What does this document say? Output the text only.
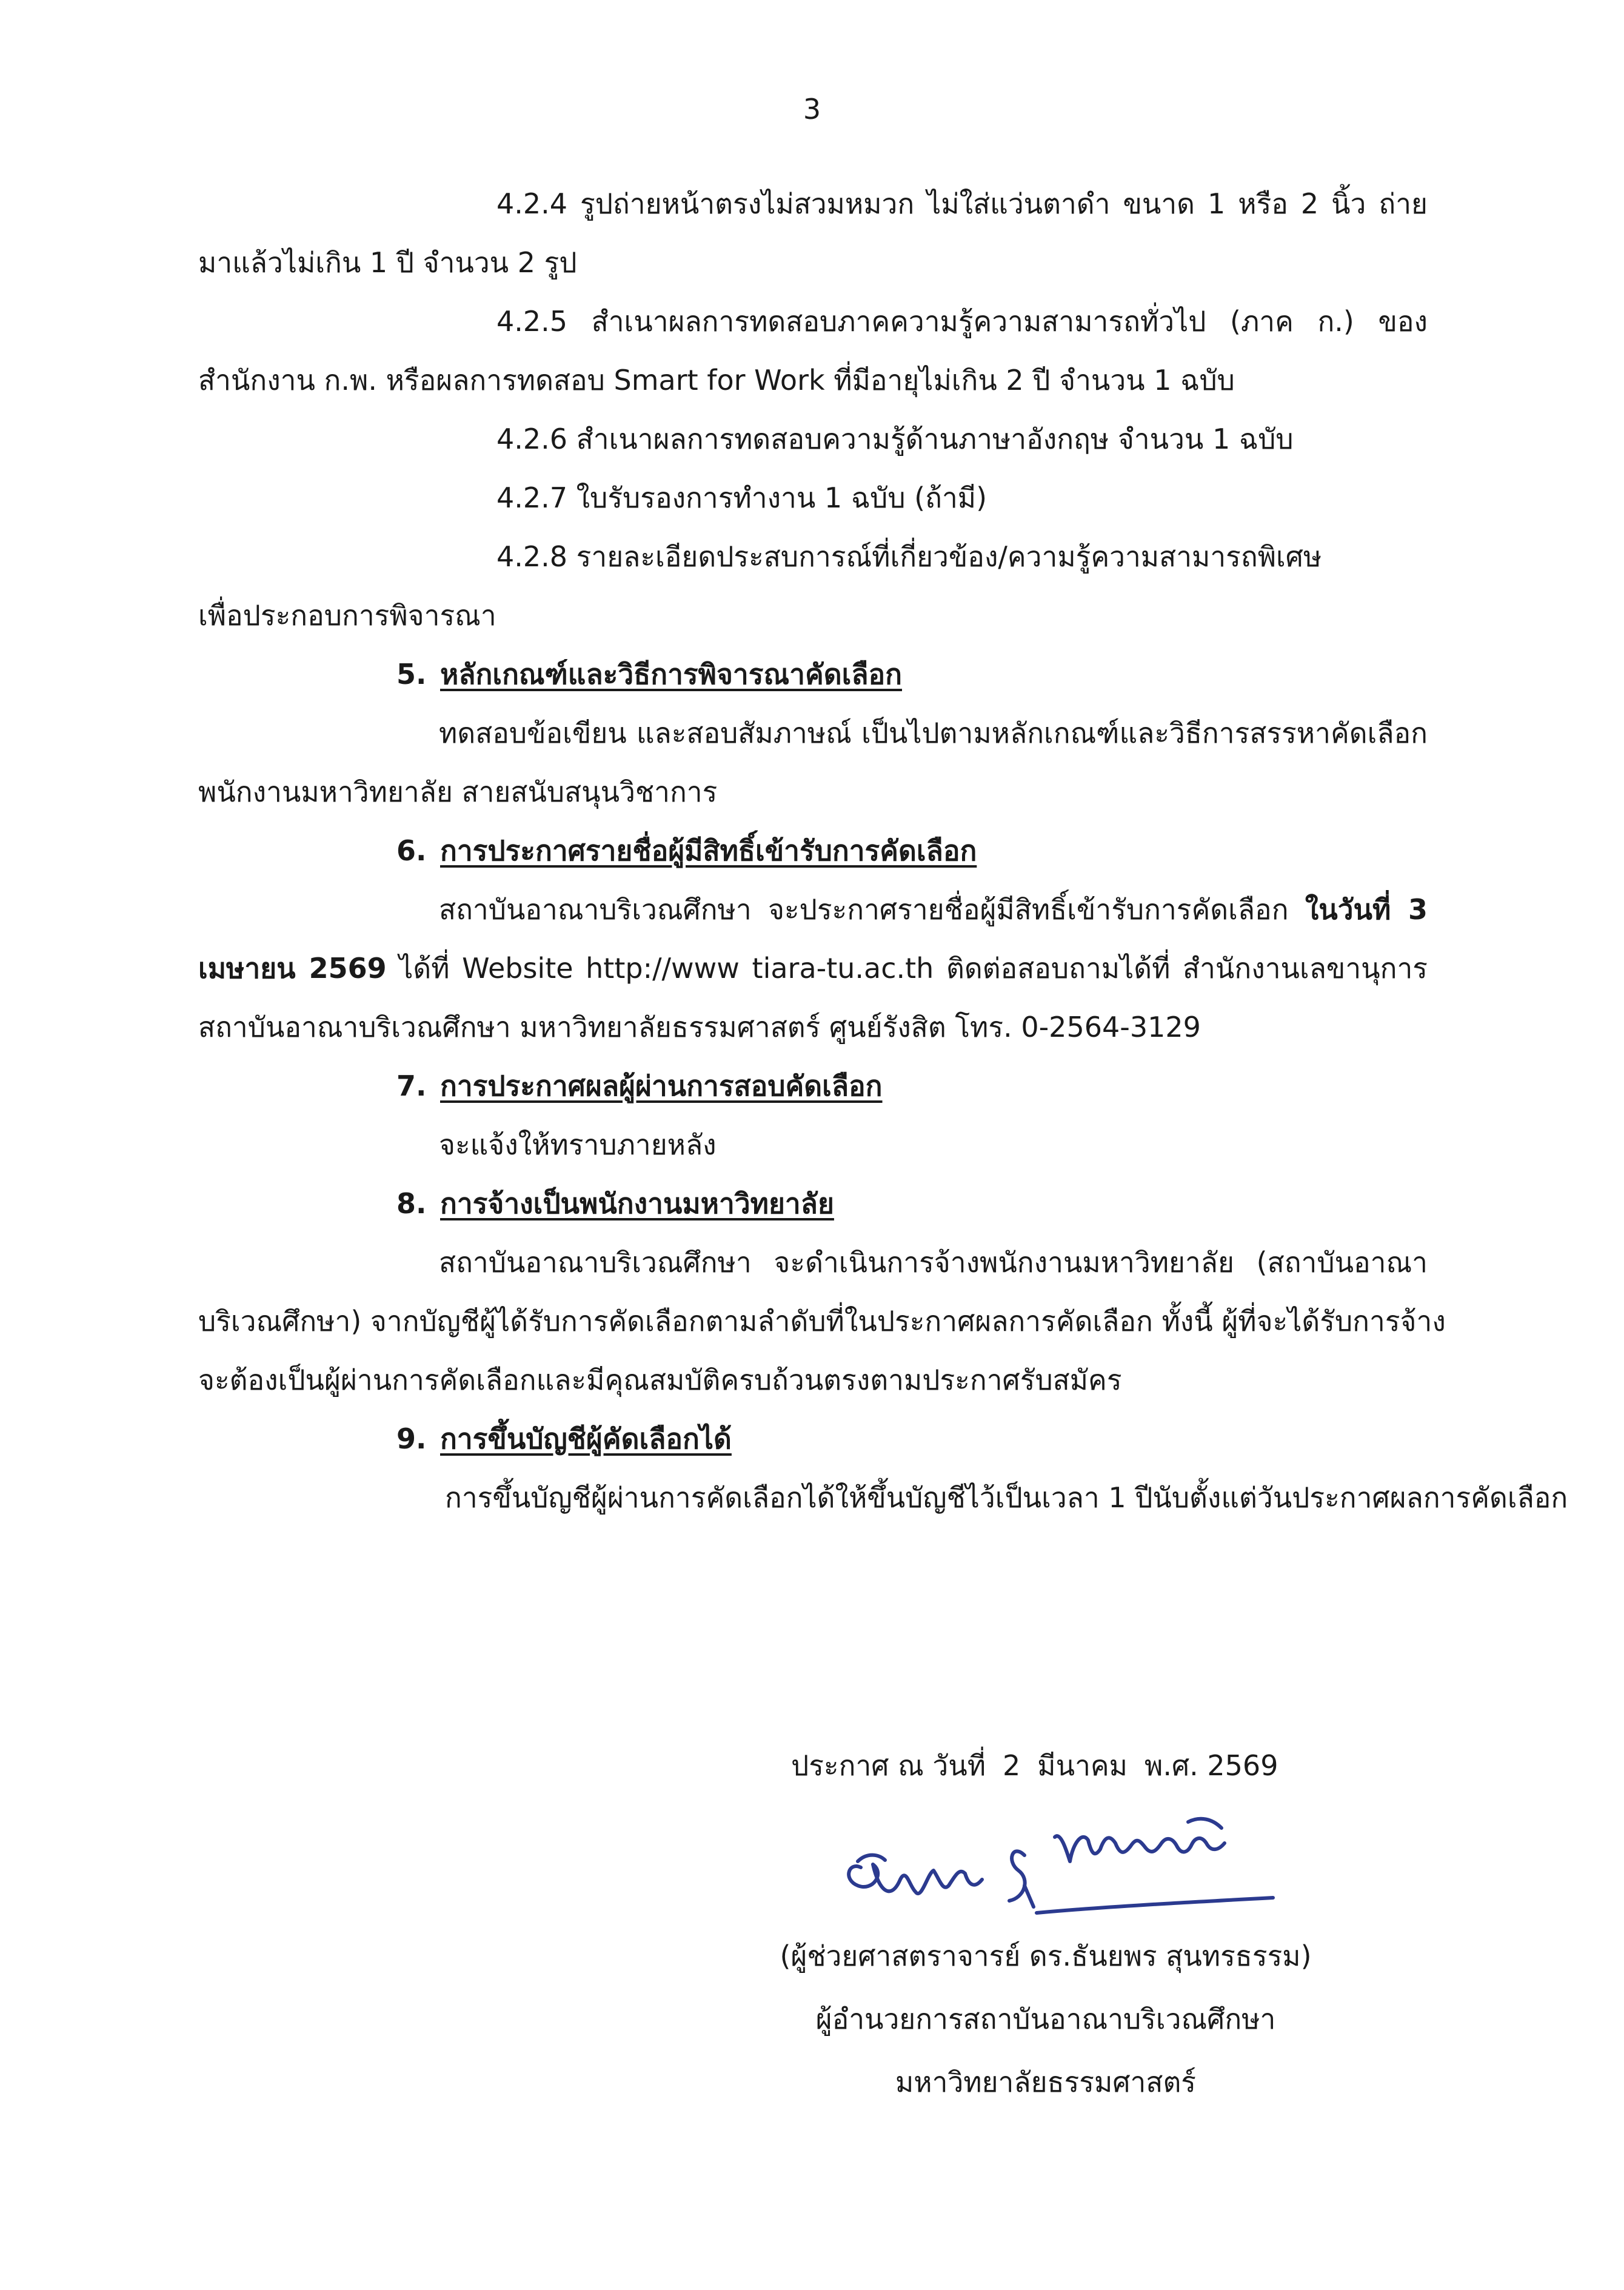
3
4.2.4 รูปถ่ายหน้าตรงไม่สวมหมวก ไม่ใส่แว่นตาดำ ขนาด 1 หรือ 2 นิ้ว ถ่าย
มาแล้วไม่เกิน 1 ปี จำนวน 2 รูป
4.2.5 สำเนาผลการทดสอบภาคความรู้ความสามารถทั่วไป (ภาค ก.) ของ
สำนักงาน ก.พ. หรือผลการทดสอบ Smart for Work ที่มีอายุไม่เกิน 2 ปี จำนวน 1 ฉบับ
4.2.6 สำเนาผลการทดสอบความรู้ด้านภาษาอังกฤษ จำนวน 1 ฉบับ
4.2.7 ใบรับรองการทำงาน 1 ฉบับ (ถ้ามี)
4.2.8 รายละเอียดประสบการณ์ที่เกี่ยวข้อง/ความรู้ความสามารถพิเศษ
เพื่อประกอบการพิจารณา
5. หลักเกณฑ์และวิธีการพิจารณาคัดเลือก
ทดสอบข้อเขียน และสอบสัมภาษณ์ เป็นไปตามหลักเกณฑ์และวิธีการสรรหาคัดเลือก
พนักงานมหาวิทยาลัย สายสนับสนุนวิชาการ
6. การประกาศรายชื่อผู้มีสิทธิ์เข้ารับการคัดเลือก
สถาบันอาณาบริเวณศึกษา จะประกาศรายชื่อผู้มีสิทธิ์เข้ารับการคัดเลือก ในวันที่ 3
เมษายน 2569 ได้ที่ Website http://www tiara-tu.ac.th ติดต่อสอบถามได้ที่ สำนักงานเลขานุการ
สถาบันอาณาบริเวณศึกษา มหาวิทยาลัยธรรมศาสตร์ ศูนย์รังสิต โทร. 0-2564-3129
7. การประกาศผลผู้ผ่านการสอบคัดเลือก
จะแจ้งให้ทราบภายหลัง
8. การจ้างเป็นพนักงานมหาวิทยาลัย
สถาบันอาณาบริเวณศึกษา จะดำเนินการจ้างพนักงานมหาวิทยาลัย (สถาบันอาณา
บริเวณศึกษา) จากบัญชีผู้ได้รับการคัดเลือกตามลำดับที่ในประกาศผลการคัดเลือก ทั้งนี้ ผู้ที่จะได้รับการจ้าง
จะต้องเป็นผู้ผ่านการคัดเลือกและมีคุณสมบัติครบถ้วนตรงตามประกาศรับสมัคร
9. การขึ้นบัญชีผู้คัดเลือกได้
การขึ้นบัญชีผู้ผ่านการคัดเลือกได้ให้ขึ้นบัญชีไว้เป็นเวลา 1 ปีนับตั้งแต่วันประกาศผลการคัดเลือก
ประกาศ ณ วันที่ 2 มีนาคม พ.ศ. 2569
(ผู้ช่วยศาสตราจารย์ ดร.ธันยพร สุนทรธรรม)
ผู้อำนวยการสถาบันอาณาบริเวณศึกษา
มหาวิทยาลัยธรรมศาสตร์
